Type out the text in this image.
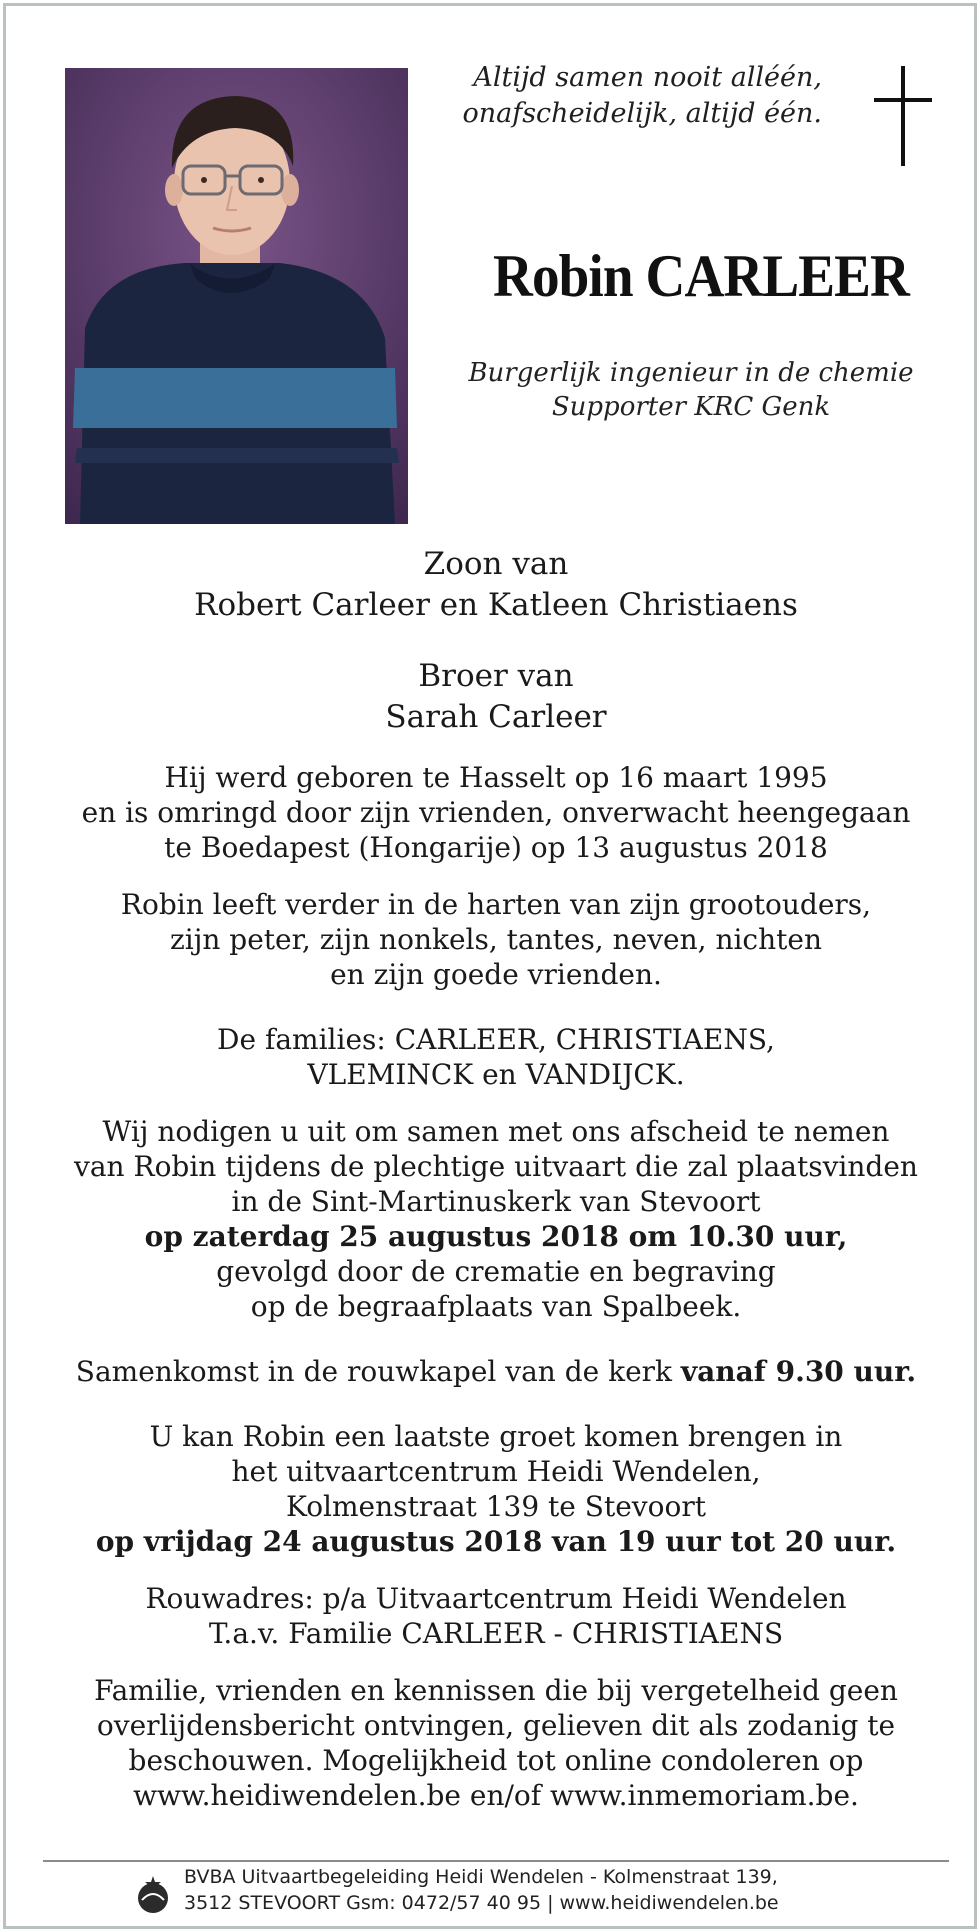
Altijd samen nooit alléén,
onafscheidelijk, altijd één.
Robin CARLEER
Burgerlijk ingenieur in de chemie
Supporter KRC Genk

Zoon van

Robert Carleer en Katleen Christiaens

Broer van

Sarah Carleer

Hij werd geboren te Hasselt op 16 maart 1995

en is omringd door zijn vrienden, onverwacht heengegaan

te Boedapest (Hongarije) op 13 augustus 2018

Robin leeft verder in de harten van zijn grootouders,

zijn peter, zijn nonkels, tantes, neven, nichten

en zijn goede vrienden.

De families: CARLEER, CHRISTIAENS,

VLEMINCK en VANDIJCK.

Wij nodigen u uit om samen met ons afscheid te nemen

van Robin tijdens de plechtige uitvaart die zal plaatsvinden

in de Sint-Martinuskerk van Stevoort

op zaterdag 25 augustus 2018 om 10.30 uur,

gevolgd door de crematie en begraving

op de begraafplaats van Spalbeek.

Samenkomst in de rouwkapel van de kerk vanaf 9.30 uur.

U kan Robin een laatste groet komen brengen in

het uitvaartcentrum Heidi Wendelen,

Kolmenstraat 139 te Stevoort

op vrijdag 24 augustus 2018 van 19 uur tot 20 uur.

Rouwadres: p/a Uitvaartcentrum Heidi Wendelen

T.a.v. Familie CARLEER - CHRISTIAENS

Familie, vrienden en kennissen die bij vergetelheid geen

overlijdensbericht ontvingen, gelieven dit als zodanig te

beschouwen. Mogelijkheid tot online condoleren op

www.heidiwendelen.be en/of www.inmemoriam.be.

BVBA Uitvaartbegeleiding Heidi Wendelen - Kolmenstraat 139,
3512 STEVOORT Gsm: 0472/57 40 95 | www.heidiwendelen.be
